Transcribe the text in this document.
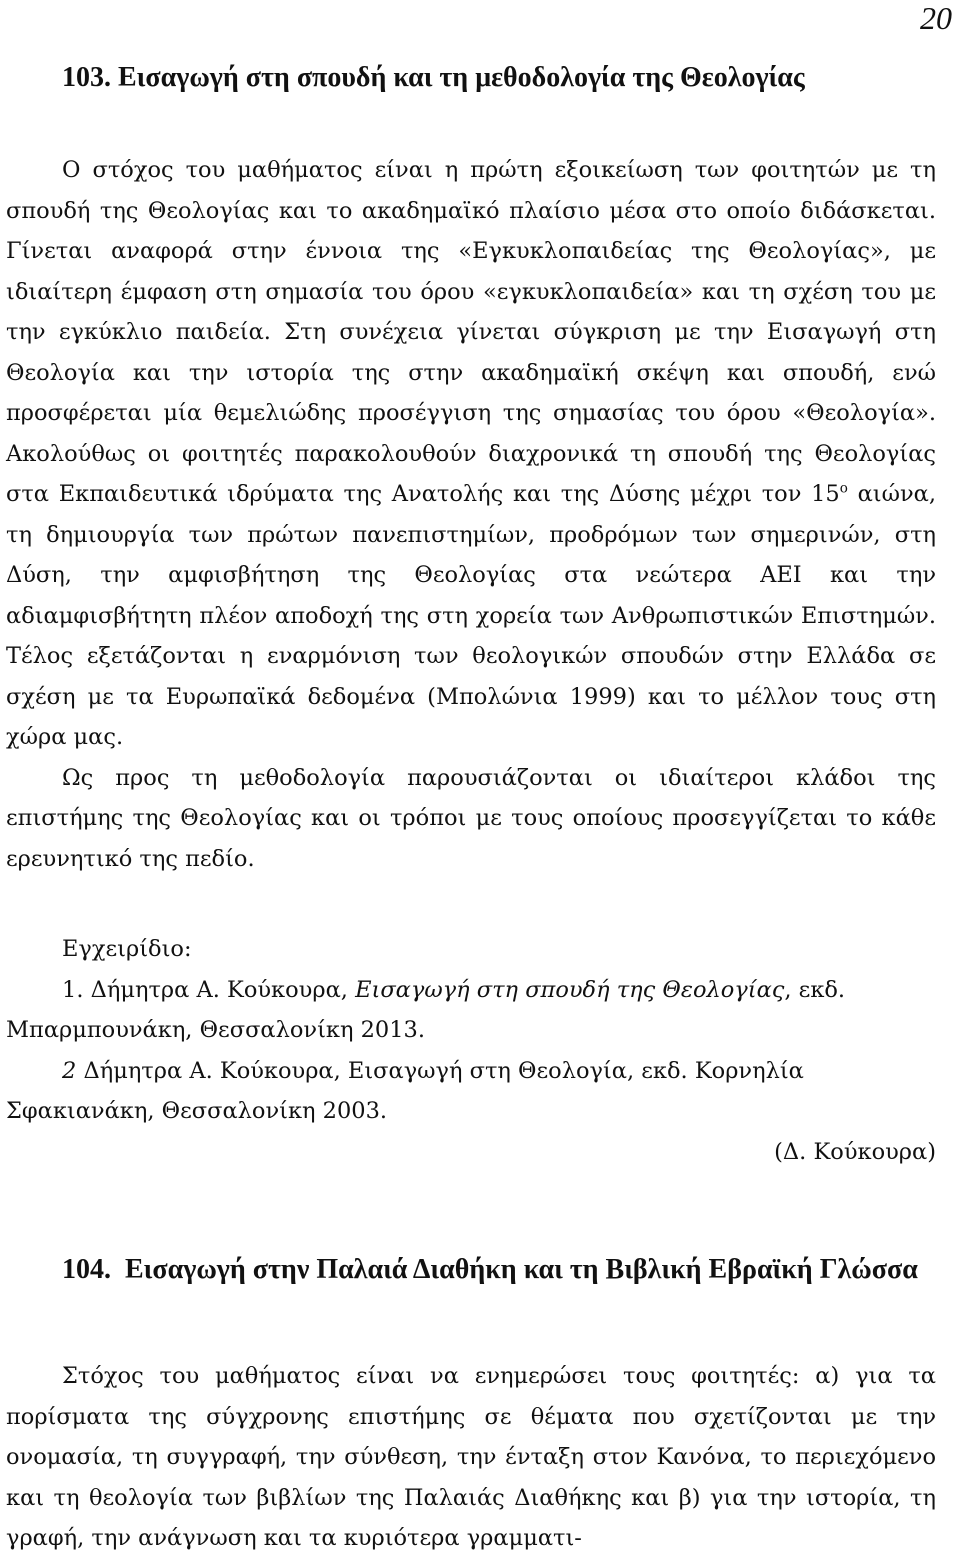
20
103. Εισαγωγή στη σπουδή και τη μεθοδολογία της Θεολογίας

Ο στόχος του μαθήματος είναι η πρώτη εξοικείωση των φοιτητών με τη σπουδή της Θεολογίας και το ακαδημαϊκό πλαίσιο μέσα στο οποίο διδάσκεται. Γίνεται αναφορά στην έννοια της «Εγκυκλοπαιδείας της Θεολογίας», με ιδιαίτερη έμφαση στη σημασία του όρου «εγκυκλοπαιδεία» και τη σχέση του με την εγκύκλιο παιδεία. Στη συνέχεια γίνεται σύγκριση με την Εισαγωγή στη Θεολογία και την ιστορία της στην ακαδημαϊκή σκέψη και σπουδή, ενώ προσφέρεται μία θεμελιώδης προσέγγιση της σημασίας του όρου «Θεολογία». Ακολούθως οι φοιτητές παρακολουθούν διαχρονικά τη σπουδή της Θεολογίας στα Εκπαιδευτικά ιδρύματα της Ανατολής και της Δύσης μέχρι τον $15^o$ αιώνα, τη δημιουργία των πρώτων πανεπιστημίων, προδρόμων των σημερινών, στη Δύση, την αμφισβήτηση της Θεολογίας στα νεώτερα ΑΕΙ και την αδιαμφισβήτητη πλέον αποδοχή της στη χορεία των Ανθρωπιστικών Επιστημών. Τέλος εξετάζονται η εναρμόνιση των θεολογικών σπουδών στην Ελλάδα σε σχέση με τα Ευρωπαϊκά δεδομένα (Μπολώνια 1999) και το μέλλον τους στη χώρα μας.

Ως προς τη μεθοδολογία παρουσιάζονται οι ιδιαίτεροι κλάδοι της επιστήμης της Θεολογίας και οι τρόποι με τους οποίους προσεγγίζεται το κάθε ερευνητικό της πεδίο.

Εγχειρίδιο:

1. Δήμητρα Α. Κούκουρα, Εισαγωγή στη σπουδή της Θεολογίας, εκδ. Μπαρμπουνάκη, Θεσσαλονίκη 2013.

2 Δήμητρα Α. Κούκουρα, Εισαγωγή στη Θεολογία, εκδ. Κορνηλία Σφακιανάκη, Θεσσαλονίκη 2003.

(Δ. Κούκουρα)

104. Εισαγωγή στην Παλαιά Διαθήκη και τη Βιβλική Εβραϊκή Γλώσσα

Στόχος του μαθήματος είναι να ενημερώσει τους φοιτητές: α) για τα πορίσματα της σύγχρονης επιστήμης σε θέματα που σχετίζονται με την ονομασία, τη συγγραφή, την σύνθεση, την ένταξη στον Κανόνα, το περιεχόμενο και τη θεολογία των βιβλίων της Παλαιάς Διαθήκης και β) για την ιστορία, τη γραφή, την ανάγνωση και τα κυριότερα γραμματι-
